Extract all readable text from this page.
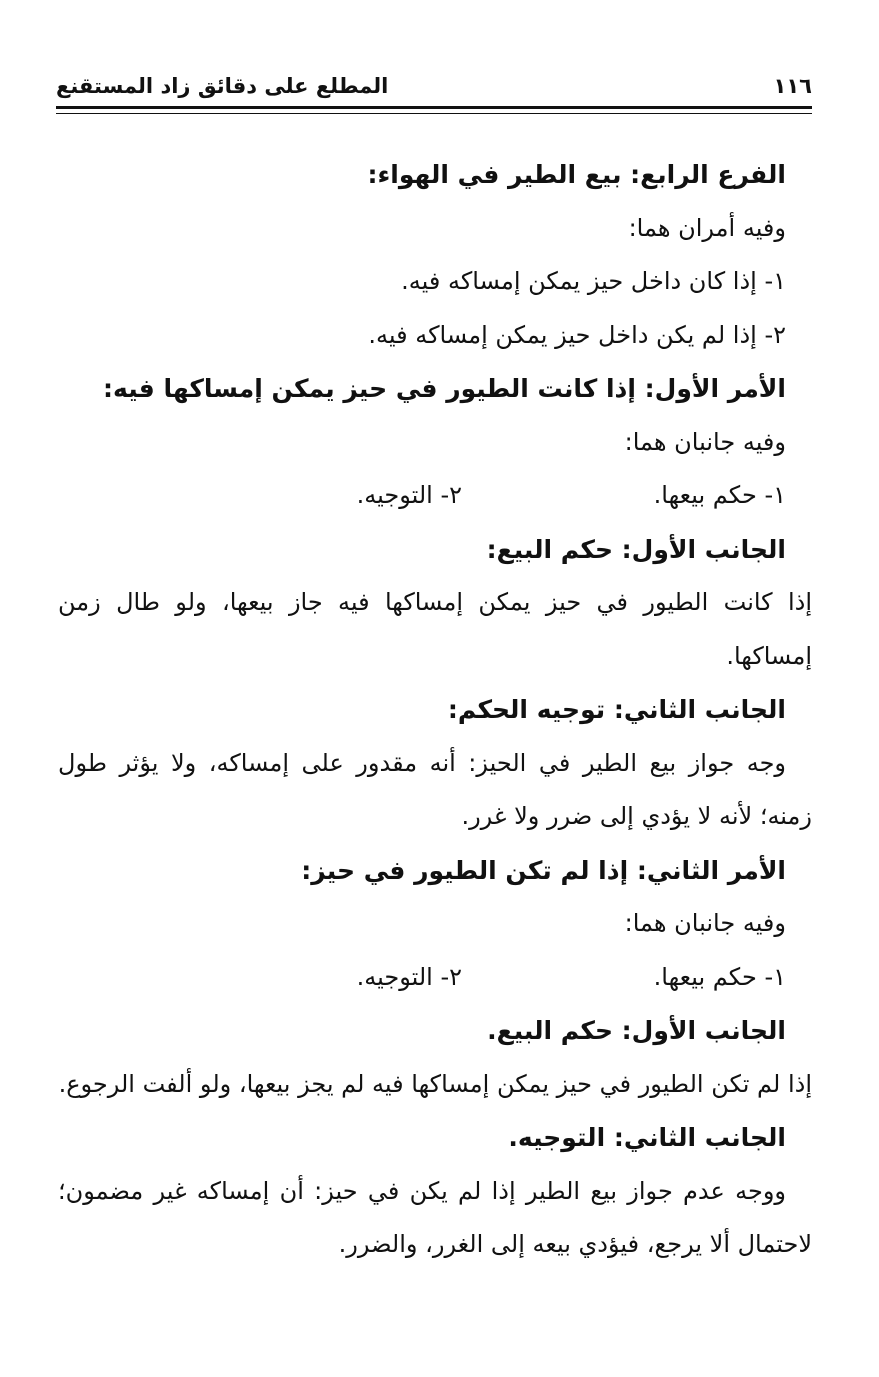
١١٦
المطلع على دقائق زاد المستقنع
الفرع الرابع: بيع الطير في الهواء:
وفيه أمران هما:
١- إذا كان داخل حيز يمكن إمساكه فيه.
٢- إذا لم يكن داخل حيز يمكن إمساكه فيه.
الأمر الأول: إذا كانت الطيور في حيز يمكن إمساكها فيه:
وفيه جانبان هما:
١- حكم بيعها.
٢- التوجيه.
الجانب الأول: حكم البيع:
إذا كانت الطيور في حيز يمكن إمساكها فيه جاز بيعها، ولو طال زمن
إمساكها.
الجانب الثاني: توجيه الحكم:
وجه جواز بيع الطير في الحيز: أنه مقدور على إمساكه، ولا يؤثر طول
زمنه؛ لأنه لا يؤدي إلى ضرر ولا غرر.
الأمر الثاني: إذا لم تكن الطيور في حيز:
وفيه جانبان هما:
١- حكم بيعها.
٢- التوجيه.
الجانب الأول: حكم البيع.
إذا لم تكن الطيور في حيز يمكن إمساكها فيه لم يجز بيعها، ولو ألفت الرجوع.
الجانب الثاني: التوجيه.
ووجه عدم جواز بيع الطير إذا لم يكن في حيز: أن إمساكه غير مضمون؛
لاحتمال ألا يرجع، فيؤدي بيعه إلى الغرر، والضرر.
